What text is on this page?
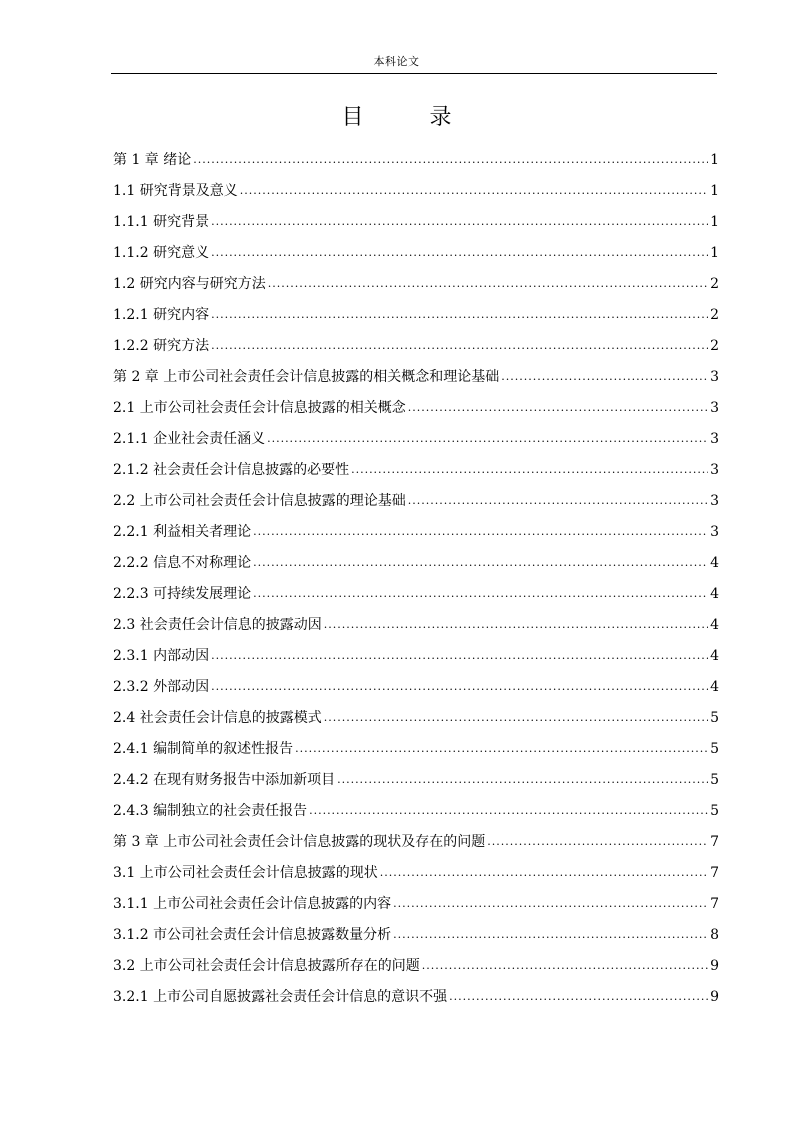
本科论文
目　录
第 1 章 绪论 .....	1
1.1 研究背景及意义 .....	1
1.1.1 研究背景 .....	1
1.1.2 研究意义 .....	1
1.2 研究内容与研究方法 .....	2
1.2.1 研究内容 .....	2
1.2.2 研究方法 .....	2
第 2 章 上市公司社会责任会计信息披露的相关概念和理论基础 .....	3
2.1 上市公司社会责任会计信息披露的相关概念 .....	3
2.1.1 企业社会责任涵义 .....	3
2.1.2 社会责任会计信息披露的必要性 .....	3
2.2 上市公司社会责任会计信息披露的理论基础 .....	3
2.2.1 利益相关者理论 .....	3
2.2.2 信息不对称理论 .....	4
2.2.3 可持续发展理论 .....	4
2.3 社会责任会计信息的披露动因 .....	4
2.3.1 内部动因 .....	4
2.3.2 外部动因 .....	4
2.4 社会责任会计信息的披露模式 .....	5
2.4.1 编制简单的叙述性报告 .....	5
2.4.2 在现有财务报告中添加新项目 .....	5
2.4.3 编制独立的社会责任报告 .....	5
第 3 章 上市公司社会责任会计信息披露的现状及存在的问题 .....	7
3.1 上市公司社会责任会计信息披露的现状 .....	7
3.1.1 上市公司社会责任会计信息披露的内容 .....	7
3.1.2 市公司社会责任会计信息披露数量分析 .....	8
3.2 上市公司社会责任会计信息披露所存在的问题 .....	9
3.2.1 上市公司自愿披露社会责任会计信息的意识不强 .....	9
